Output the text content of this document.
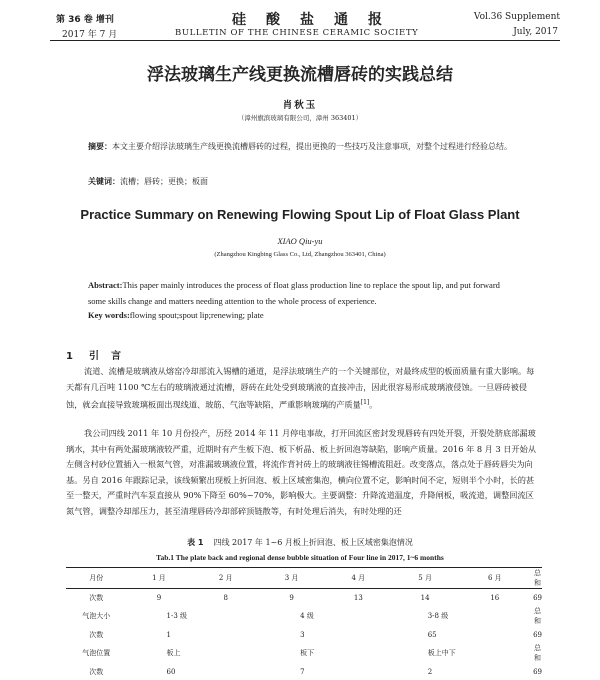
第 36 卷 增刊
2017 年 7 月
硅酸盐通报
BULLETIN OF THE CHINESE CERAMIC SOCIETY
Vol.36 Supplement
July, 2017
浮法玻璃生产线更换流槽唇砖的实践总结
肖秋玉
（漳州旗滨玻璃有限公司，漳州 363401）
摘要：本文主要介绍浮法玻璃生产线更换流槽唇砖的过程，提出更换的一些技巧及注意事项，对整个过程进行经验总结。
关键词：流槽；唇砖；更换；板面
Practice Summary on Renewing Flowing Spout Lip of Float Glass Plant
XIAO Qiu-yu
(Zhangzhou Kingbing Glass Co., Ltd, Zhangzhou 363401, China)
Abstract:This paper mainly introduces the process of float glass production line to replace the spout lip, and put forward some skills change and matters needing attention to the whole process of experience.
Key words:flowing spout;spout lip;renewing; plate
1 引言

流道、流槽是玻璃液从熔窑冷却部流入锡槽的通道，是浮法玻璃生产的一个关键部位，对最终成型的板面质量有重大影响。每天都有几百吨 1100 ℃左右的玻璃液通过流槽，唇砖在此处受到玻璃液的直接冲击，因此很容易形成玻璃液侵蚀。一旦唇砖被侵蚀，就会直接导致玻璃板面出现线道、玻筋、气泡等缺陷，严重影响玻璃的产质量[1]。

我公司四线 2011 年 10 月份投产，历经 2014 年 11 月停电事故，打开回流区密封发现唇砖有四处开裂，开裂处脐底部漏玻璃水，其中有两处漏玻璃液较严重，近期时有产生板下泡、板下析晶、板上折回泡等缺陷，影响产质量。2016 年 8 月 3 日开始从左侧含村砂位置插入一根氮气管，对准漏玻璃液位置，将流作背衬砖上的玻璃液往锡槽流阻赶。改变落点，落点处于唇砖唇尖为向基。另自 2016 年跟踪记录，该线频繁出现板上折回泡、板上区域密集泡，横向位置不定，影响时间不定，短则半个小时，长的甚至一整天，严重时汽车泵直接从 90%下降至 60%~70%，影响极大。主要调整：升降流道温度，升降闸板，吸流道，调整回流区氮气管，调整冷却部压力，甚至清理唇砖冷却部碎顶链散等，有时处理后消失，有时处理的还

表 1 四线 2017 年 1~6 月板上折回泡、板上区域密集泡情况
Tab.1 The plate back and regional dense bubble situation of Four line in 2017, 1~6 months
月份	1 月	2 月	3 月	4 月	5 月	6 月	总和
次数	9	8	9	13	14	16	69
气泡大小	1-3 级		4 级		3-8 级		总和
次数	1		3		65		69
气泡位置	板上		板下		板上中下		总和
次数	60		7		2		69
